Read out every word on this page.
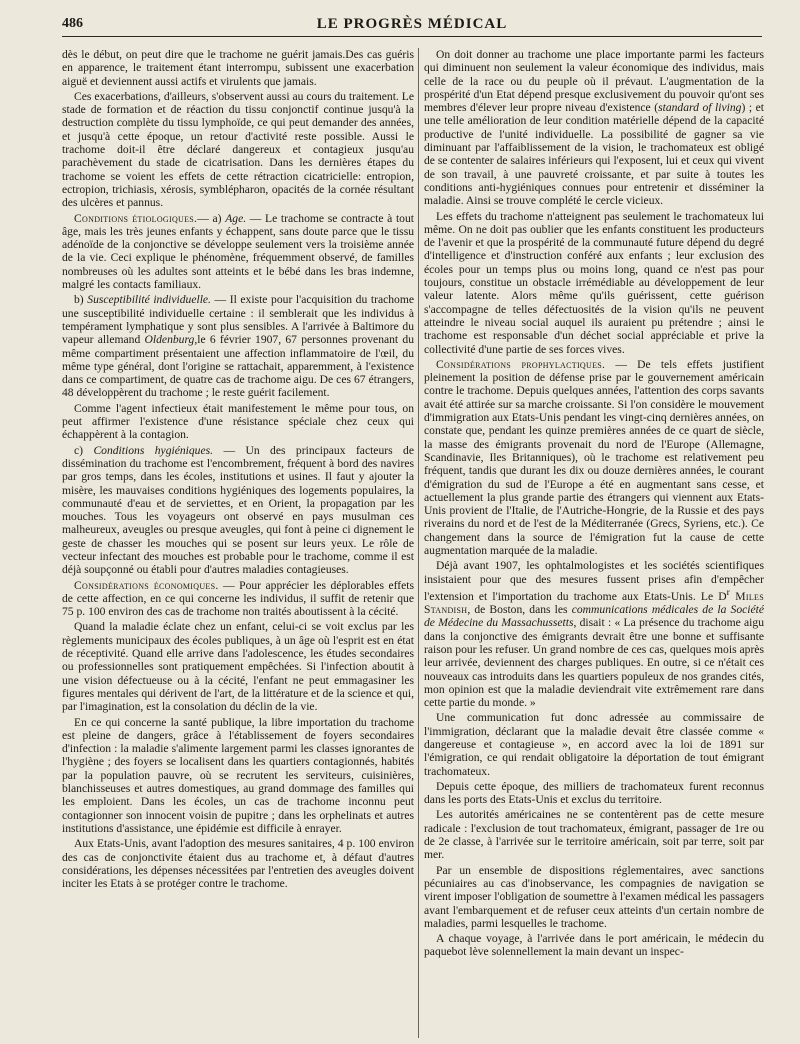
486	LE PROGRÈS MÉDICAL

dès le début, on peut dire que le trachome ne guérit jamais.Des cas guéris en apparence, le traitement étant interrompu, subissent une exacerbation aiguë et deviennent aussi actifs et virulents que jamais.

Ces exacerbations, d'ailleurs, s'observent aussi au cours du traitement. Le stade de formation et de réaction du tissu conjonctif continue jusqu'à la destruction complète du tissu lymphoïde, ce qui peut demander des années, et jusqu'à cette époque, un retour d'activité reste possible. Aussi le trachome doit-il être déclaré dangereux et contagieux jusqu'au parachèvement du stade de cicatrisation. Dans les dernières étapes du trachome se voient les effets de cette rétraction cicatricielle: entropion, ectropion, trichiasis, xérosis, symblépharon, opacités de la cornée résultant des ulcères et pannus.

Conditions étiologiques.— a) Age. — Le trachome se contracte à tout âge, mais les très jeunes enfants y échappent, sans doute parce que le tissu adénoïde de la conjonctive se développe seulement vers la troisième année de la vie. Ceci explique le phénomène, fréquemment observé, de familles nombreuses où les adultes sont atteints et le bébé dans les bras indemne, malgré les contacts familiaux.

b) Susceptibilité individuelle. — Il existe pour l'acquisition du trachome une susceptibilité individuelle certaine : il semblerait que les individus à tempérament lymphatique y sont plus sensibles. A l'arrivée à Baltimore du vapeur allemand Oldenburg,le 6 février 1907, 67 personnes provenant du même compartiment présentaient une affection inflammatoire de l'œil, du même type général, dont l'origine se rattachait, apparemment, à l'existence dans ce compartiment, de quatre cas de trachome aigu. De ces 67 étrangers, 48 développèrent du trachome ; le reste guérit facilement.

Comme l'agent infectieux était manifestement le même pour tous, on peut affirmer l'existence d'une résistance spéciale chez ceux qui échappèrent à la contagion.

c) Conditions hygiéniques. — Un des principaux facteurs de dissémination du trachome est l'encombrement, fréquent à bord des navires par gros temps, dans les écoles, institutions et usines. Il faut y ajouter la misère, les mauvaises conditions hygiéniques des logements populaires, la communauté d'eau et de serviettes, et en Orient, la propagation par les mouches. Tous les voyageurs ont observé en pays musulman ces malheureux, aveugles ou presque aveugles, qui font à peine ci dignement le geste de chasser les mouches qui se posent sur leurs yeux. Le rôle de vecteur infectant des mouches est probable pour le trachome, comme il est déjà soupçonné ou établi pour d'autres maladies contagieuses.

Considérations économiques. — Pour apprécier les déplorables effets de cette affection, en ce qui concerne les individus, il suffit de retenir que 75 p. 100 environ des cas de trachome non traités aboutissent à la cécité.

Quand la maladie éclate chez un enfant, celui-ci se voit exclus par les règlements municipaux des écoles publiques, à un âge où l'esprit est en état de réceptivité. Quand elle arrive dans l'adolescence, les études secondaires ou professionnelles sont pratiquement empêchées. Si l'infection aboutit à une vision défectueuse ou à la cécité, l'enfant ne peut emmagasiner les figures mentales qui dérivent de l'art, de la littérature et de la science et qui, par l'imagination, est la consolation du déclin de la vie.

En ce qui concerne la santé publique, la libre importation du trachome est pleine de dangers, grâce à l'établissement de foyers secondaires d'infection : la maladie s'alimente largement parmi les classes ignorantes de l'hygiène ; des foyers se localisent dans les quartiers contagionnés, habités par la population pauvre, où se recrutent les serviteurs, cuisinières, blanchisseuses et autres domestiques, au grand dommage des familles qui les emploient. Dans les écoles, un cas de trachome inconnu peut contagionner son innocent voisin de pupitre ; dans les orphelinats et autres institutions d'assistance, une épidémie est difficile à enrayer.

Aux Etats-Unis, avant l'adoption des mesures sanitaires, 4 p. 100 environ des cas de conjonctivite étaient dus au trachome et, à défaut d'autres considérations, les dépenses nécessitées par l'entretien des aveugles doivent inciter les Etats à se protéger contre le trachome.

On doit donner au trachome une place importante parmi les facteurs qui diminuent non seulement la valeur économique des individus, mais celle de la race ou du peuple où il prévaut. L'augmentation de la prospérité d'un Etat dépend presque exclusivement du pouvoir qu'ont ses membres d'élever leur propre niveau d'existence (standard of living) ; et une telle amélioration de leur condition matérielle dépend de la capacité productive de l'unité individuelle. La possibilité de gagner sa vie diminuant par l'affaiblissement de la vision, le trachomateux est obligé de se contenter de salaires inférieurs qui l'exposent, lui et ceux qui vivent de son travail, à une pauvreté croissante, et par suite à toutes les conditions anti-hygiéniques connues pour entretenir et disséminer la maladie. Ainsi se trouve complété le cercle vicieux.

Les effets du trachome n'atteignent pas seulement le trachomateux lui même. On ne doit pas oublier que les enfants constituent les producteurs de l'avenir et que la prospérité de la communauté future dépend du degré d'intelligence et d'instruction conféré aux enfants ; leur exclusion des écoles pour un temps plus ou moins long, quand ce n'est pas pour toujours, constitue un obstacle irrémédiable au développement de leur valeur latente. Alors même qu'ils guérissent, cette guérison s'accompagne de telles défectuosités de la vision qu'ils ne peuvent atteindre le niveau social auquel ils auraient pu prétendre ; ainsi le trachome est responsable d'un déchet social appréciable et prive la collectivité d'une partie de ses forces vives.

Considérations prophylactiques. — De tels effets justifient pleinement la position de défense prise par le gouvernement américain contre le trachome. Depuis quelques années, l'attention des corps savants avait été attirée sur sa marche croissante. Si l'on considère le mouvement d'immigration aux Etats-Unis pendant les vingt-cinq dernières années, on constate que, pendant les quinze premières années de ce quart de siècle, la masse des émigrants provenait du nord de l'Europe (Allemagne, Scandinavie, Iles Britanniques), où le trachome est relativement peu fréquent, tandis que durant les dix ou douze dernières années, le courant d'émigration du sud de l'Europe a été en augmentant sans cesse, et actuellement la plus grande partie des étrangers qui viennent aux Etats-Unis provient de l'Italie, de l'Autriche-Hongrie, de la Russie et des pays riverains du nord et de l'est de la Méditerranée (Grecs, Syriens, etc.). Ce changement dans la source de l'émigration fut la cause de cette augmentation marquée de la maladie.

Déjà avant 1907, les ophtalmologistes et les sociétés scientifiques insistaient pour que des mesures fussent prises afin d'empêcher l'extension et l'importation du trachome aux Etats-Unis. Le $D^r$ Miles Standish, de Boston, dans les communications médicales de la Société de Médecine du Massachussetts, disait : « La présence du trachome aigu dans la conjonctive des émigrants devrait être une bonne et suffisante raison pour les refuser. Un grand nombre de ces cas, quelques mois après leur arrivée, deviennent des charges publiques. En outre, si ce n'était ces nouveaux cas introduits dans les quartiers populeux de nos grandes cités, mon opinion est que la maladie deviendrait vite extrêmement rare dans cette partie du monde. »

Une communication fut donc adressée au commissaire de l'immigration, déclarant que la maladie devait être classée comme « dangereuse et contagieuse », en accord avec la loi de 1891 sur l'émigration, ce qui rendait obligatoire la déportation de tout émigrant trachomateux.

Depuis cette époque, des milliers de trachomateux furent reconnus dans les ports des Etats-Unis et exclus du territoire.

Les autorités américaines ne se contentèrent pas de cette mesure radicale : l'exclusion de tout trachomateux, émigrant, passager de 1re ou de 2e classe, à l'arrivée sur le territoire américain, soit par terre, soit par mer.

Par un ensemble de dispositions réglementaires, avec sanctions pécuniaires au cas d'inobservance, les compagnies de navigation se virent imposer l'obligation de soumettre à l'examen médical les passagers avant l'embarquement et de refuser ceux atteints d'un certain nombre de maladies, parmi lesquelles le trachome.

A chaque voyage, à l'arrivée dans le port américain, le médecin du paquebot lève solennellement la main devant un inspec-
